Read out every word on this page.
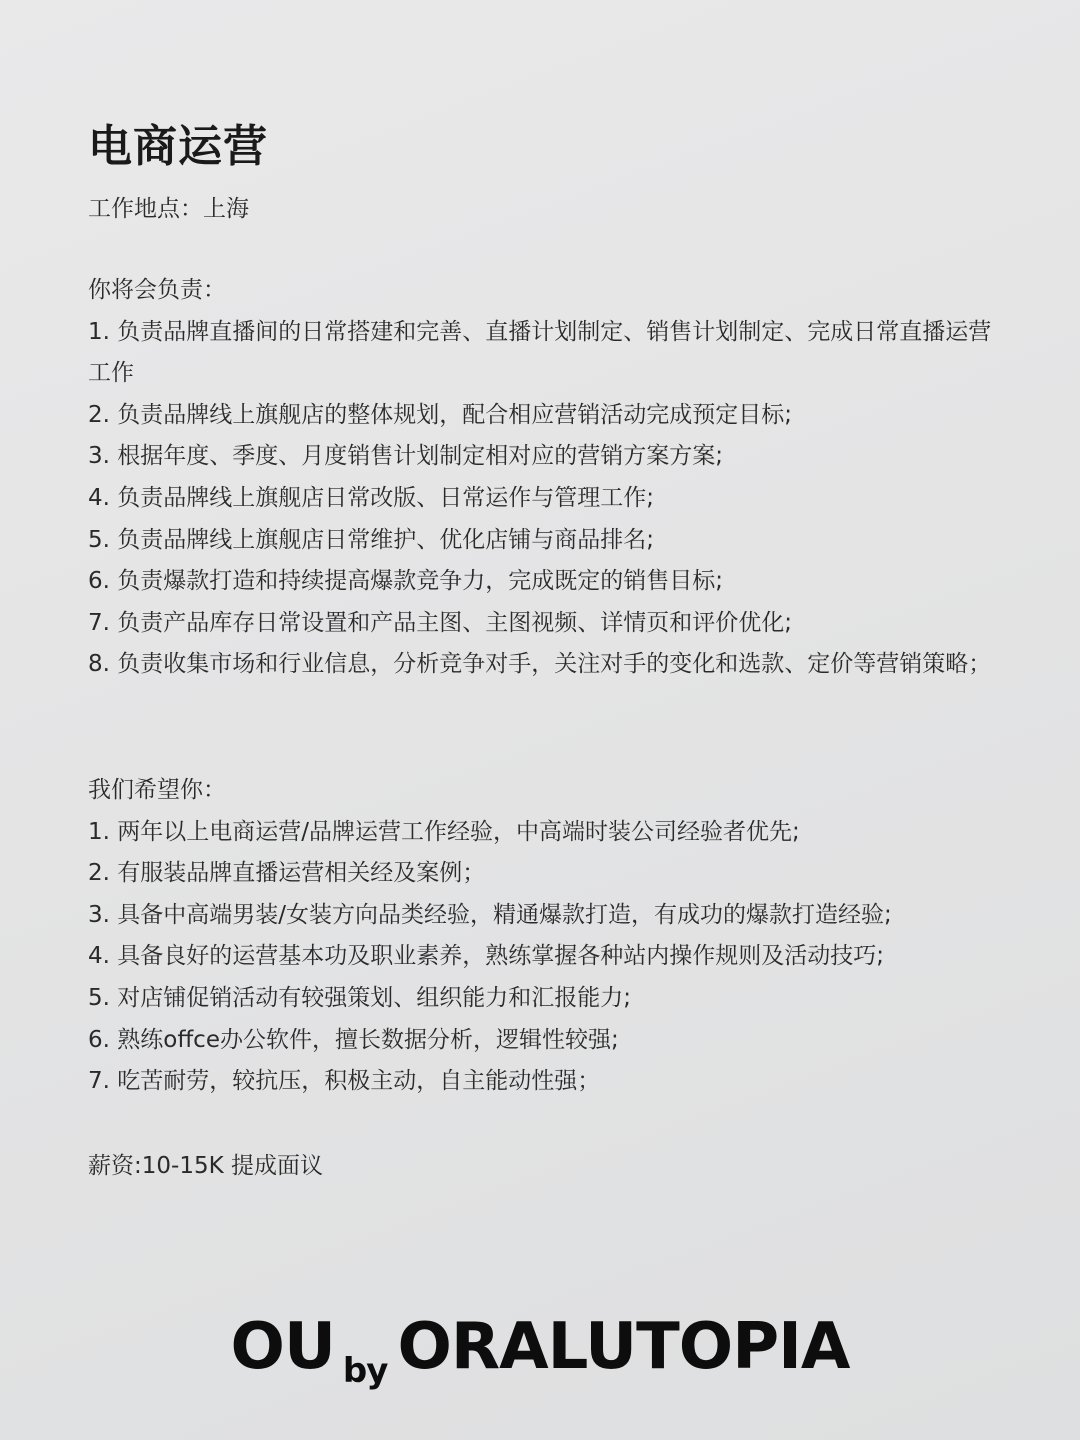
电商运营
工作地点：上海
你将会负责：
1. 负责品牌直播间的日常搭建和完善、直播计划制定、销售计划制定、完成日常直播运营工作
2. 负责品牌线上旗舰店的整体规划，配合相应营销活动完成预定目标;
3. 根据年度、季度、月度销售计划制定相对应的营销方案方案;
4. 负责品牌线上旗舰店日常改版、日常运作与管理工作;
5. 负责品牌线上旗舰店日常维护、优化店铺与商品排名;
6. 负责爆款打造和持续提高爆款竞争力，完成既定的销售目标;
7. 负责产品库存日常设置和产品主图、主图视频、详情页和评价优化;
8. 负责收集市场和行业信息，分析竞争对手，关注对手的变化和选款、定价等营销策略；
我们希望你：
1. 两年以上电商运营/品牌运营工作经验，中高端时装公司经验者优先;
2. 有服装品牌直播运营相关经及案例；
3. 具备中高端男装/女装方向品类经验，精通爆款打造，有成功的爆款打造经验;
4. 具备良好的运营基本功及职业素养，熟练掌握各种站内操作规则及活动技巧;
5. 对店铺促销活动有较强策划、组织能力和汇报能力;
6. 熟练offce办公软件，擅长数据分析，逻辑性较强;
7. 吃苦耐劳，较抗压，积极主动，自主能动性强；
薪资:10-15K 提成面议
OU by ORALUTOPIA
